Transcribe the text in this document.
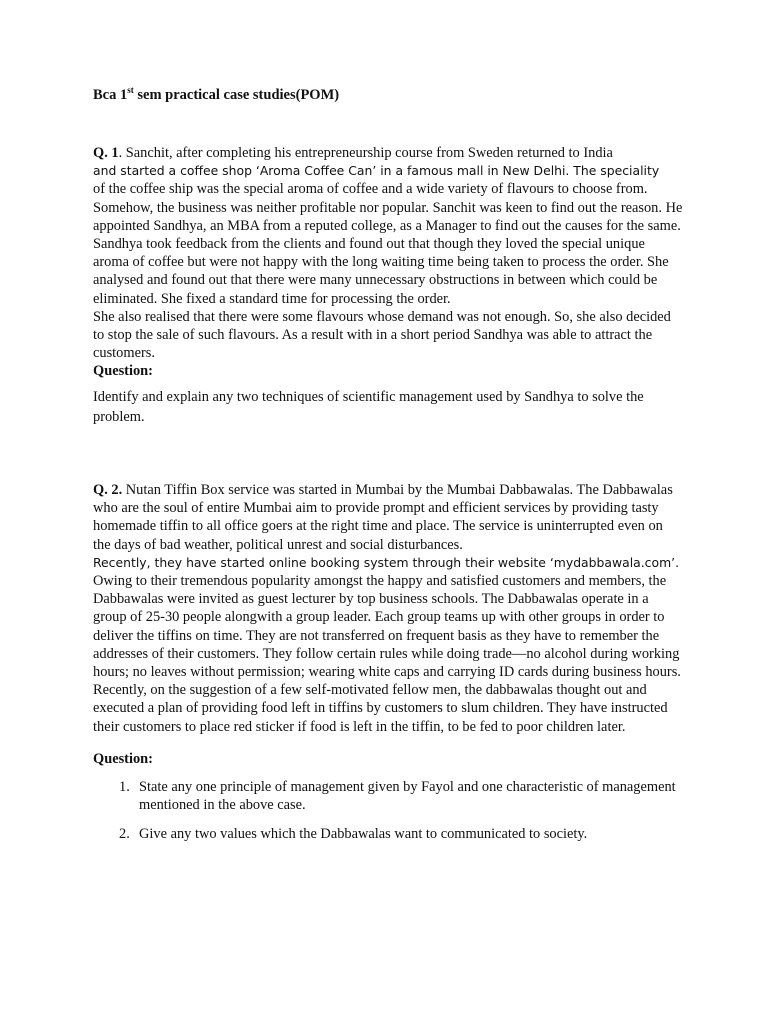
Bca 1st sem practical case studies(POM)

Q. 1. Sanchit, after completing his entrepreneurship course from Sweden returned to India
and started a coffee shop ‘Aroma Coffee Can’ in a famous mall in New Delhi. The speciality
of the coffee ship was the special aroma of coffee and a wide variety of flavours to choose from. Somehow, the business was neither profitable nor popular. Sanchit was keen to find out the reason. He appointed Sandhya, an MBA from a reputed college, as a Manager to find out the causes for the same.

Sandhya took feedback from the clients and found out that though they loved the special unique aroma of coffee but were not happy with the long waiting time being taken to process the order. She analysed and found out that there were many unnecessary obstructions in between which could be eliminated. She fixed a standard time for processing the order.

She also realised that there were some flavours whose demand was not enough. So, she also decided to stop the sale of such flavours. As a result with in a short period Sandhya was able to attract the customers.

Question:

Identify and explain any two techniques of scientific management used by Sandhya to solve the problem.

Q. 2. Nutan Tiffin Box service was started in Mumbai by the Mumbai Dabbawalas. The Dabbawalas who are the soul of entire Mumbai aim to provide prompt and efficient services by providing tasty homemade tiffin to all office goers at the right time and place. The service is uninterrupted even on the days of bad weather, political unrest and social disturbances.
Recently, they have started online booking system through their website ‘mydabbawala.com’.
Owing to their tremendous popularity amongst the happy and satisfied customers and members, the Dabbawalas were invited as guest lecturer by top business schools. The Dabbawalas operate in a group of 25-30 people alongwith a group leader. Each group teams up with other groups in order to deliver the tiffins on time. They are not transferred on frequent basis as they have to remember the addresses of their customers. They follow certain rules while doing trade—no alcohol during working hours; no leaves without permission; wearing white caps and carrying ID cards during business hours.

Recently, on the suggestion of a few self-motivated fellow men, the dabbawalas thought out and executed a plan of providing food left in tiffins by customers to slum children. They have instructed their customers to place red sticker if food is left in the tiffin, to be fed to poor children later.

Question:

1. State any one principle of management given by Fayol and one characteristic of management mentioned in the above case.
2. Give any two values which the Dabbawalas want to communicated to society.
